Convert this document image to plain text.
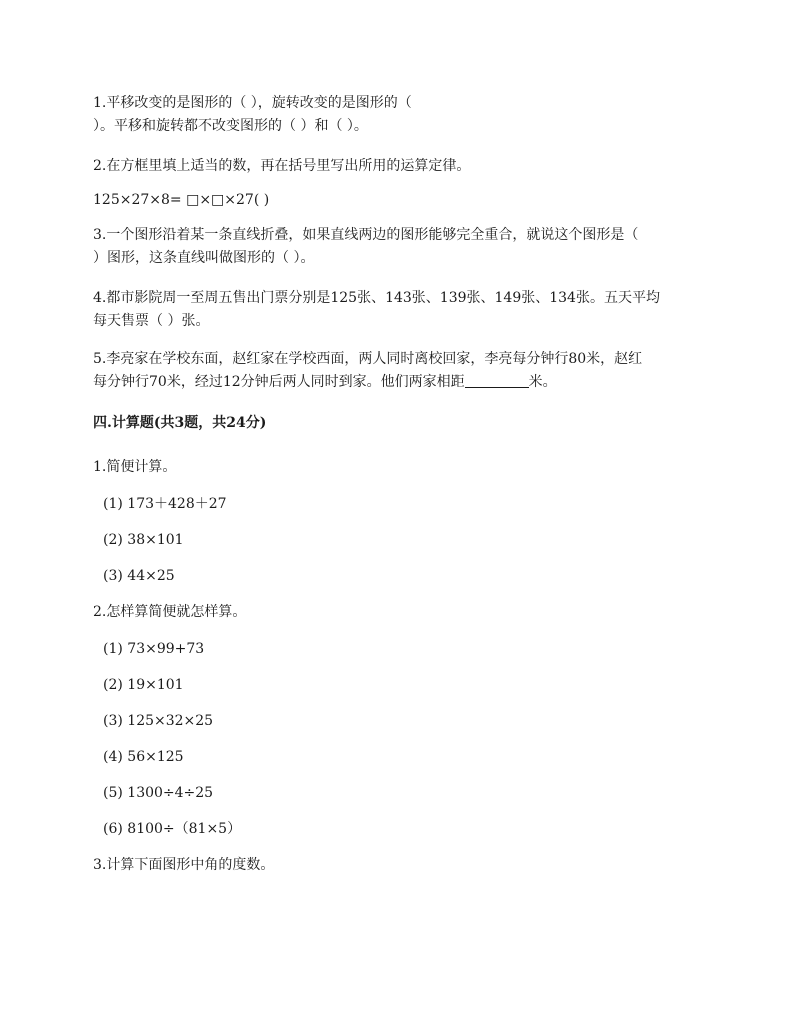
1.平移改变的是图形的（ ），旋转改变的是图形的（
）。平移和旋转都不改变图形的（ ）和（ ）。
2.在方框里填上适当的数，再在括号里写出所用的运算定律。
125×27×8= □×□×27( )
3.一个图形沿着某一条直线折叠，如果直线两边的图形能够完全重合，就说这个图形是（
）图形，这条直线叫做图形的（ ）。
4.都市影院周一至周五售出门票分别是125张、143张、139张、149张、134张。五天平均
每天售票（ ）张。
5.李亮家在学校东面，赵红家在学校西面，两人同时离校回家，李亮每分钟行80米，赵红
每分钟行70米，经过12分钟后两人同时到家。他们两家相距	米。
四.计算题(共3题，共24分)
1.简便计算。
(1) 173＋428＋27
(2) 38×101
(3) 44×25
2.怎样算简便就怎样算。
(1) 73×99+73
(2) 19×101
(3) 125×32×25
(4) 56×125
(5) 1300÷4÷25
(6) 8100÷（81×5）
3.计算下面图形中角的度数。
